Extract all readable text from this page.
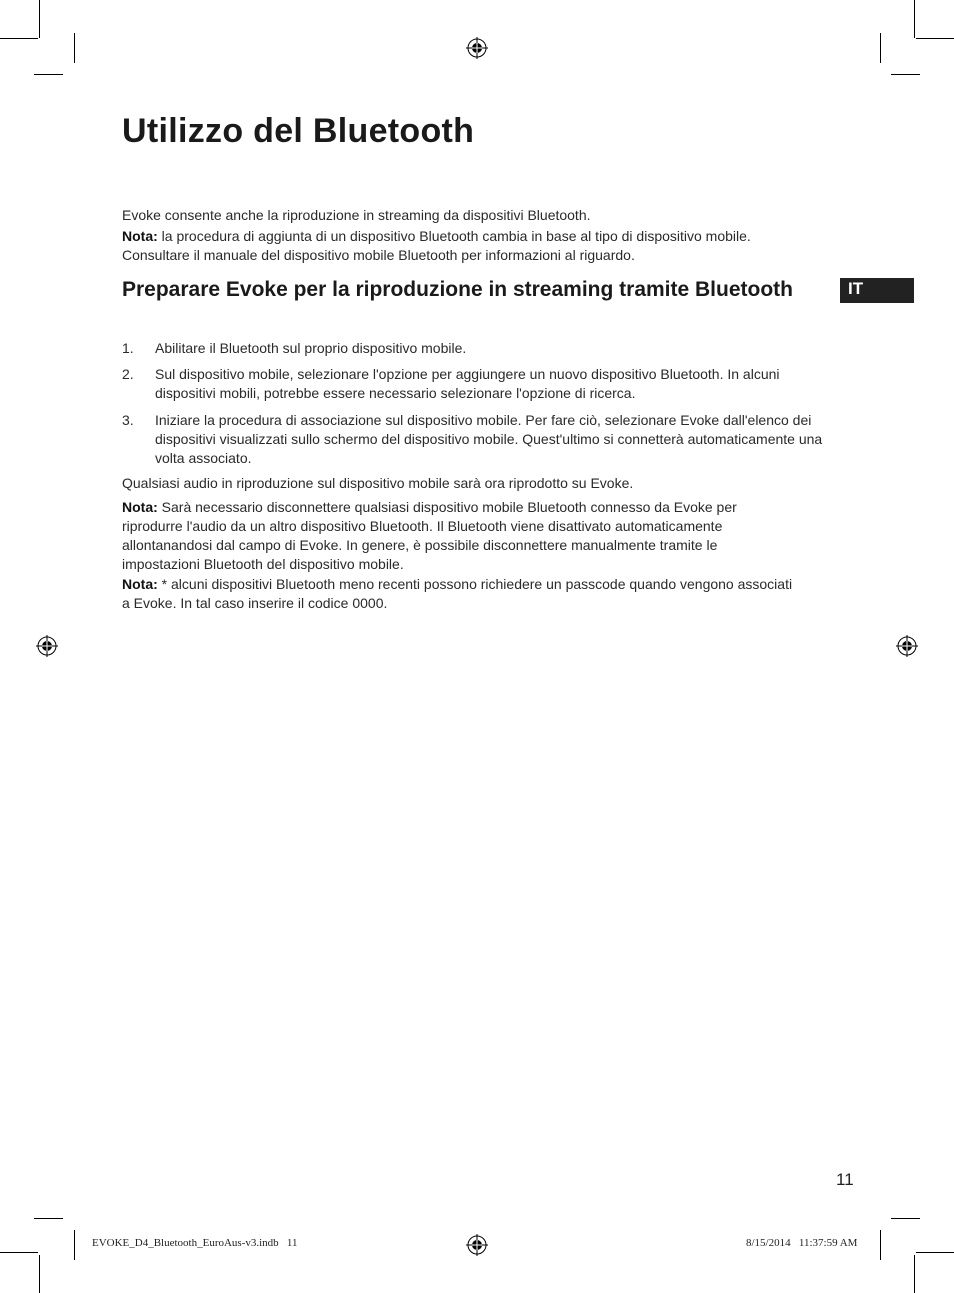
Utilizzo del Bluetooth
Evoke consente anche la riproduzione in streaming da dispositivi Bluetooth.
Nota: la procedura di aggiunta di un dispositivo Bluetooth cambia in base al tipo di dispositivo mobile. Consultare il manuale del dispositivo mobile Bluetooth per informazioni al riguardo.
Preparare Evoke per la riproduzione in streaming tramite Bluetooth	IT
1. Abilitare il Bluetooth sul proprio dispositivo mobile.
2. Sul dispositivo mobile, selezionare l'opzione per aggiungere un nuovo dispositivo Bluetooth. In alcuni dispositivi mobili, potrebbe essere necessario selezionare l'opzione di ricerca.
3. Iniziare la procedura di associazione sul dispositivo mobile. Per fare ciò, selezionare Evoke dall'elenco dei dispositivi visualizzati sullo schermo del dispositivo mobile. Quest'ultimo si connetterà automaticamente una volta associato.
Qualsiasi audio in riproduzione sul dispositivo mobile sarà ora riprodotto su Evoke.
Nota: Sarà necessario disconnettere qualsiasi dispositivo mobile Bluetooth connesso da Evoke per riprodurre l'audio da un altro dispositivo Bluetooth. Il Bluetooth viene disattivato automaticamente allontanandosi dal campo di Evoke. In genere, è possibile disconnettere manualmente tramite le impostazioni Bluetooth del dispositivo mobile.
Nota: * alcuni dispositivi Bluetooth meno recenti possono richiedere un passcode quando vengono associati a Evoke. In tal caso inserire il codice 0000.
11
EVOKE_D4_Bluetooth_EuroAus-v3.indb   11	8/15/2014   11:37:59 AM
